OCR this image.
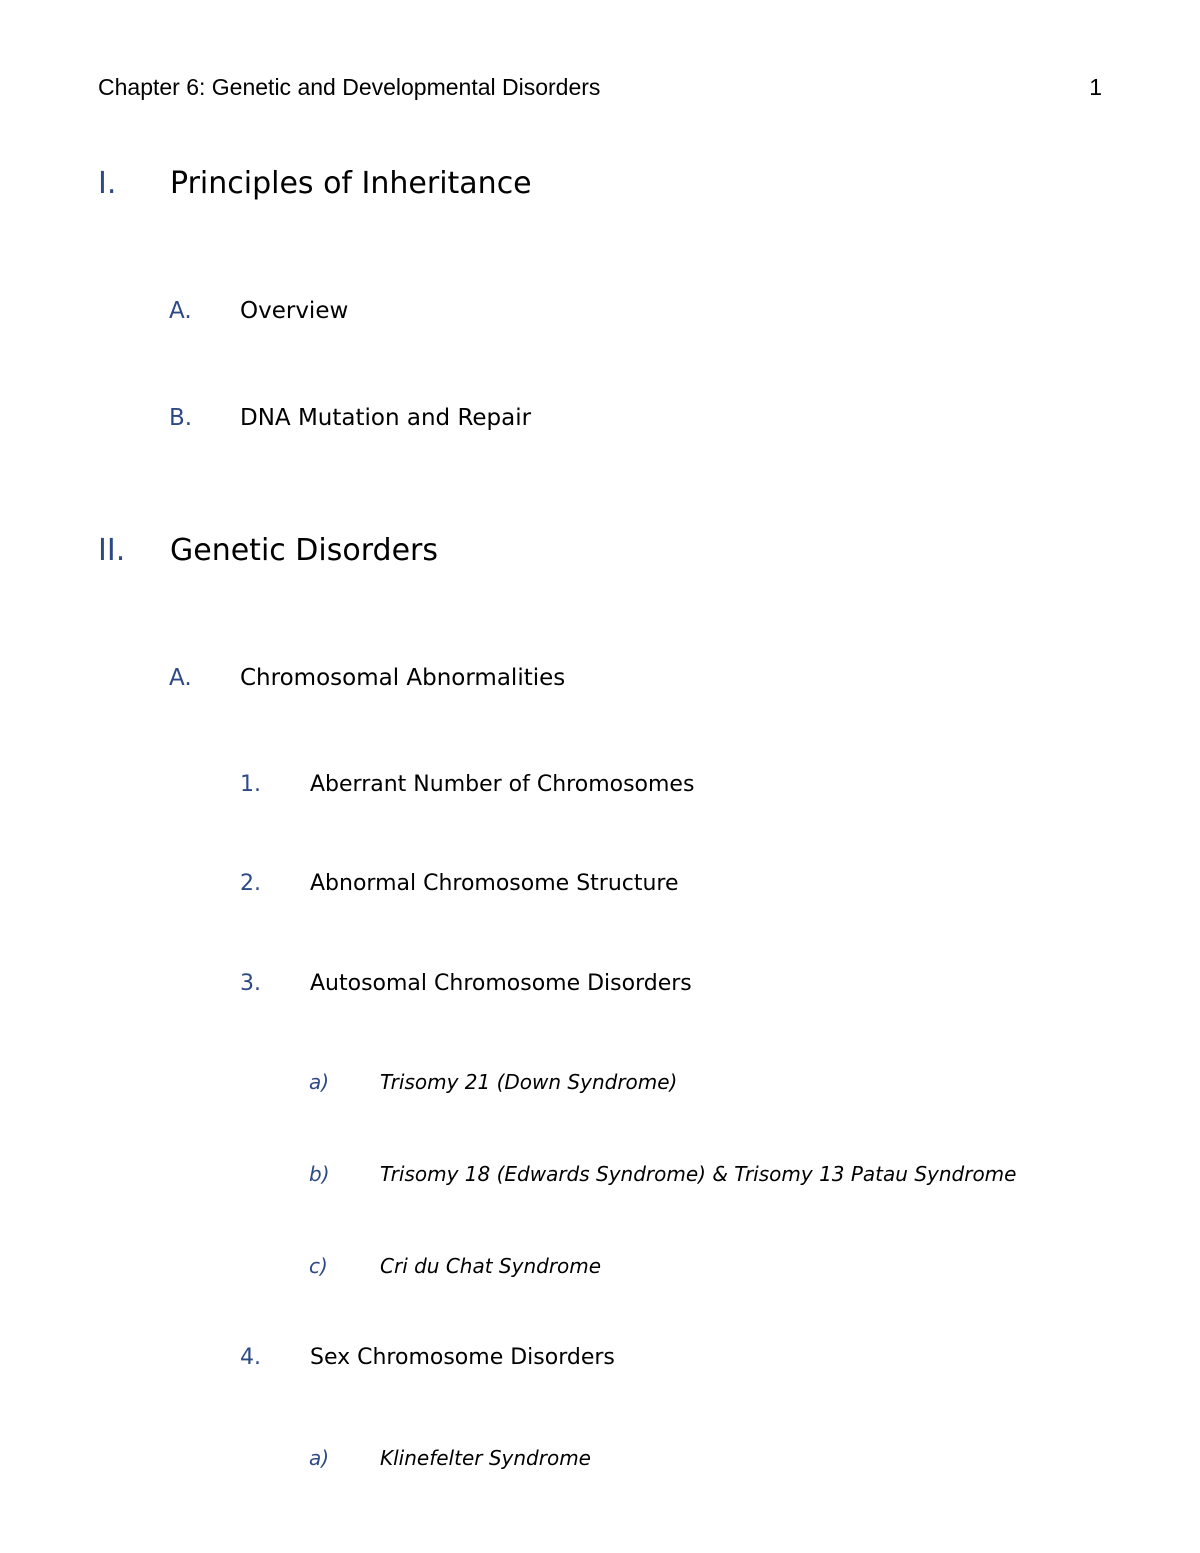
Chapter 6: Genetic and Developmental Disorders	1
I. Principles of Inheritance
A. Overview
B. DNA Mutation and Repair
II. Genetic Disorders
A. Chromosomal Abnormalities
1. Aberrant Number of Chromosomes
2. Abnormal Chromosome Structure
3. Autosomal Chromosome Disorders
a)	Trisomy 21 (Down Syndrome)
b)	Trisomy 18 (Edwards Syndrome) & Trisomy 13 Patau Syndrome
c)	Cri du Chat Syndrome
4. Sex Chromosome Disorders
a)	Klinefelter Syndrome
